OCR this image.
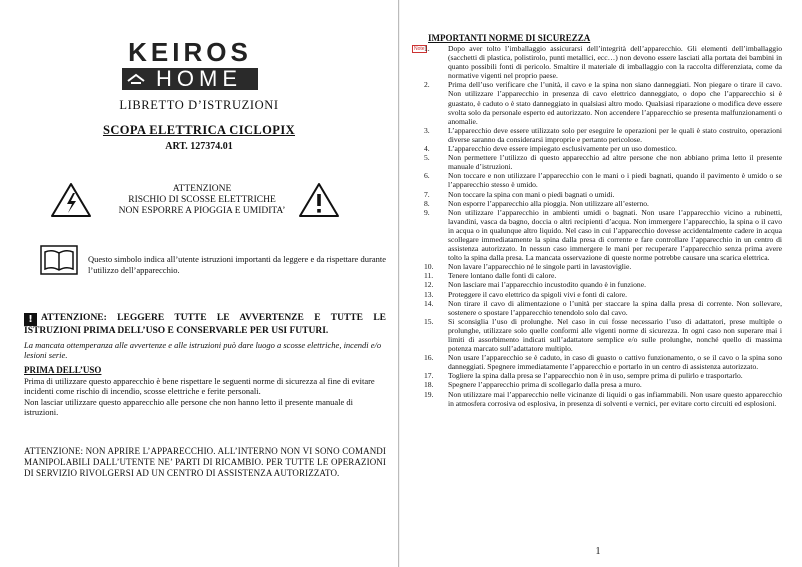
KEIROS
HOME
LIBRETTO D’ISTRUZIONI
SCOPA ELETTRICA CICLOPIX
ART. 127374.01
ATTENZIONE
RISCHIO DI SCOSSE ELETTRICHE
NON ESPORRE A PIOGGIA E UMIDITA’
Questo simbolo indica all’utente istruzioni importanti da leggere e da rispettare durante l’utilizzo dell’apparecchio.
! ATTENZIONE: LEGGERE TUTTE LE AVVERTENZE E TUTTE LE ISTRUZIONI PRIMA DELL’USO E CONSERVARLE PER USI FUTURI.
La mancata ottemperanza alle avvertenze e alle istruzioni può dare luogo a scosse elettriche, incendi e/o lesioni serie.
PRIMA DELL’USO

Prima di utilizzare questo apparecchio è bene rispettare le seguenti norme di sicurezza al fine di evitare incidenti come rischio di incendio, scosse elettriche e ferite personali.

Non lasciar utilizzare questo apparecchio alle persone che non hanno letto il presente manuale di istruzioni.

ATTENZIONE: NON APRIRE L’APPARECCHIO. ALL’INTERNO NON VI SONO COMANDI MANIPOLABILI DALL’UTENTE NE’ PARTI DI RICAMBIO. PER TUTTE LE OPERAZIONI DI SERVIZIO RIVOLGERSI AD UN CENTRO DI ASSISTENZA AUTORIZZATO.
IMPORTANTI NORME DI SICUREZZA
Note 1.	Dopo aver tolto l’imballaggio assicurarsi dell’integrità dell’apparecchio. Gli elementi dell’imballaggio (sacchetti di plastica, polistirolo, punti metallici, ecc…) non devono essere lasciati alla portata dei bambini in quanto possibili fonti di pericolo. Smaltire il materiale di imballaggio con la raccolta differenziata, come da normative vigenti nel proprio paese.
2.	Prima dell’uso verificare che l’unità, il cavo e la spina non siano danneggiati. Non piegare o tirare il cavo. Non utilizzare l’apparecchio in presenza di cavo elettrico danneggiato, o dopo che l’apparecchio si è guastato, è caduto o è stato danneggiato in qualsiasi altro modo. Qualsiasi riparazione o modifica deve essere svolta solo da personale esperto ed autorizzato. Non accendere l’apparecchio se presenta malfunzionamenti o anomalie.
3.	L’apparecchio deve essere utilizzato solo per eseguire le operazioni per le quali è stato costruito, operazioni diverse saranno da considerarsi improprie e pertanto pericolose.
4.	L’apparecchio deve essere impiegato esclusivamente per un uso domestico.
5.	Non permettere l’utilizzo di questo apparecchio ad altre persone che non abbiano prima letto il presente manuale d’istruzioni.
6.	Non toccare e non utilizzare l’apparecchio con le mani o i piedi bagnati, quando il pavimento è umido o se l’apparecchio stesso è umido.
7.	Non toccare la spina con mani o piedi bagnati o umidi.
8.	Non esporre l’apparecchio alla pioggia. Non utilizzare all’esterno.
9.	Non utilizzare l’apparecchio in ambienti umidi o bagnati. Non usare l’apparecchio vicino a rubinetti, lavandini, vasca da bagno, doccia o altri recipienti d’acqua. Non immergere l’apparecchio, la spina o il cavo in acqua o in qualunque altro liquido. Nel caso in cui l’apparecchio dovesse accidentalmente cadere in acqua scollegare immediatamente la spina dalla presa di corrente e fare controllare l’apparecchio in un centro di assistenza autorizzato. In nessun caso immergere le mani per recuperare l’apparecchio senza prima avere tolto la spina dalla presa. La mancata osservazione di queste norme potrebbe causare una scarica elettrica.
10.	Non lavare l’apparecchio né le singole parti in lavastoviglie.
11.	Tenere lontano dalle fonti di calore.
12.	Non lasciare mai l’apparecchio incustodito quando è in funzione.
13.	Proteggere il cavo elettrico da spigoli vivi e fonti di calore.
14.	Non tirare il cavo di alimentazione o l’unità per staccare la spina dalla presa di corrente. Non sollevare, sostenere o spostare l’apparecchio tenendolo solo dal cavo.
15.	Si sconsiglia l’uso di prolunghe. Nel caso in cui fosse necessario l’uso di adattatori, prese multiple o prolunghe, utilizzare solo quelle conformi alle vigenti norme di sicurezza. In ogni caso non superare mai i limiti di assorbimento indicati sull’adattatore semplice e/o sulle prolunghe, nonché quello di massima potenza marcato sull’adattatore multiplo.
16.	Non usare l’apparecchio se è caduto, in caso di guasto o cattivo funzionamento, o se il cavo o la spina sono danneggiati. Spegnere immediatamente l’apparecchio e portarlo in un centro di assistenza autorizzato.
17.	Togliere la spina dalla presa se l’apparecchio non è in uso, sempre prima di pulirlo e trasportarlo.
18.	Spegnere l’apparecchio prima di scollegarlo dalla presa a muro.
19.	Non utilizzare mai l’apparecchio nelle vicinanze di liquidi o gas infiammabili. Non usare questo apparecchio in atmosfera corrosiva od esplosiva, in presenza di solventi e vernici, per evitare corto circuiti ed esplosioni.
1
